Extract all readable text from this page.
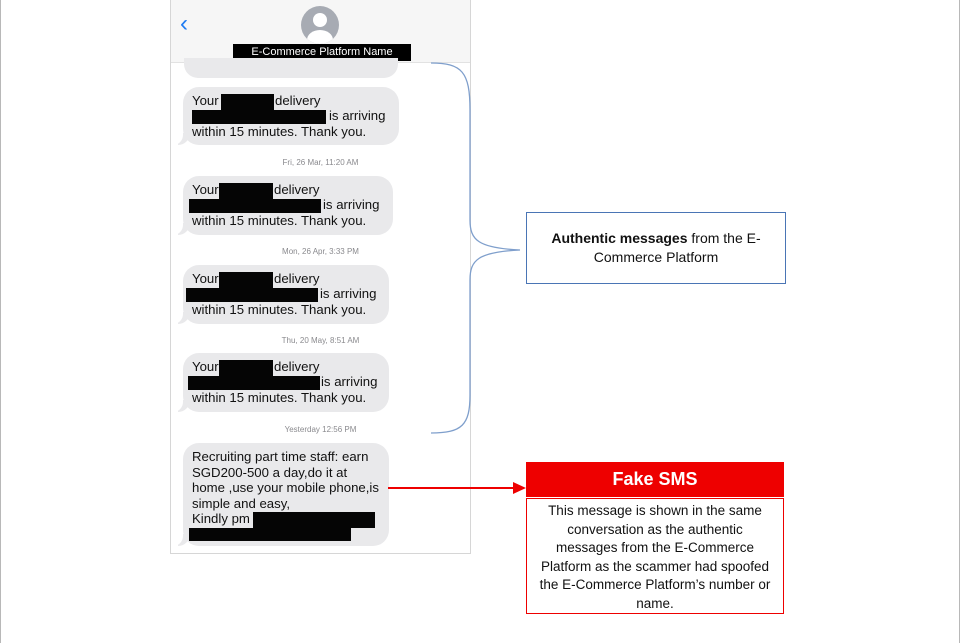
‹
E-Commerce Platform Name
Your	delivery
is arriving
within 15 minutes. Thank you.
Fri, 26 Mar, 11:20 AM
Your	delivery
is arriving
within 15 minutes. Thank you.
Mon, 26 Apr, 3:33 PM
Your	delivery
is arriving
within 15 minutes. Thank you.
Thu, 20 May, 8:51 AM
Your	delivery
is arriving
within 15 minutes. Thank you.
Yesterday 12:56 PM
Recruiting part time staff: earn
SGD200-500 a day,do it at
home ,use your mobile phone,is
simple and easy,
Kindly pm
Authentic messages from the E-Commerce Platform
Fake SMS
This message is shown in the same conversation as the authentic messages from the E-Commerce Platform as the scammer had spoofed the E-Commerce Platform’s number or name.
